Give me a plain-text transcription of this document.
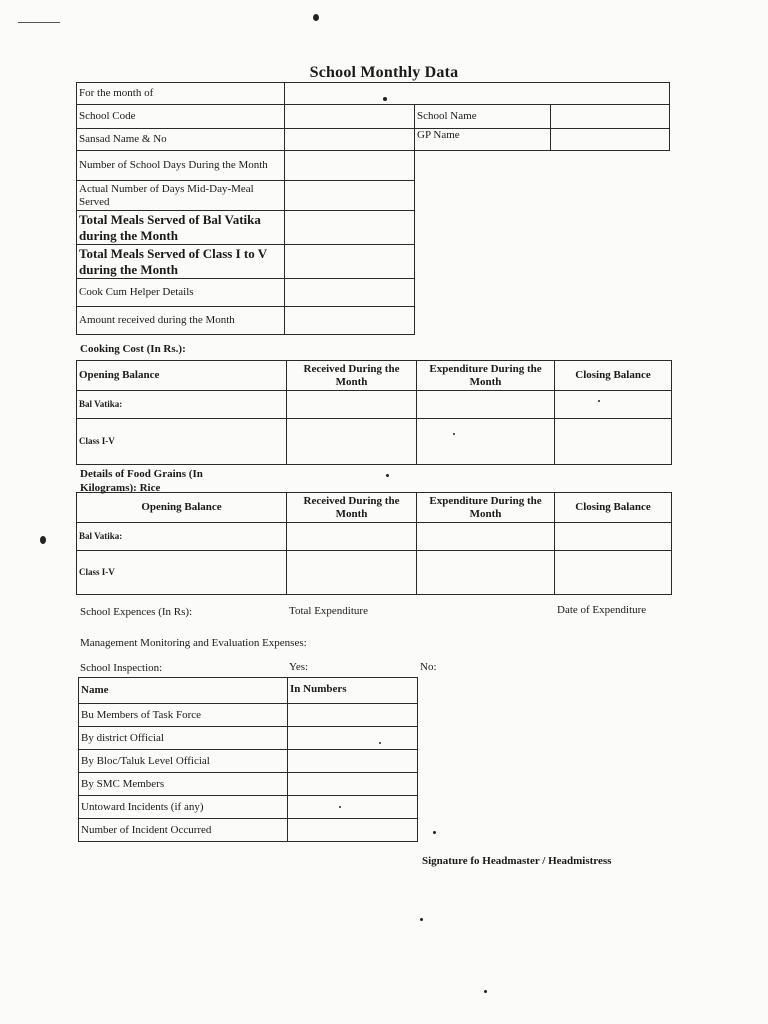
School Monthly Data
For the month of			
School Code		School Name	
Sansad Name & No		GP Name	
Number of School Days During the Month			
Actual Number of Days Mid-Day-Meal Served			
Total Meals Served of Bal Vatika during the Month			
Total Meals Served of Class I to V during the Month			
Cook Cum Helper Details			
Amount received during the Month			

Cooking Cost (In Rs.):
Opening Balance	Received During the Month	Expenditure During the Month	Closing Balance
Bal Vatika:			
Class I-V			
Details of Food Grains (In Kilograms): Rice
Opening Balance	Received During the Month	Expenditure During the Month	Closing Balance
Bal Vatika:			
Class I-V			
School Expences (In Rs):	Total Expenditure	Date of Expenditure
Management Monitoring and Evaluation Expenses:
School Inspection:	Yes:	No:
Name	In Numbers
Bu Members of Task Force	
By district Official	
By Bloc/Taluk Level Official	
By SMC Members	
Untoward Incidents (if any)	
Number of Incident Occurred	
Signature fo Headmaster / Headmistress
